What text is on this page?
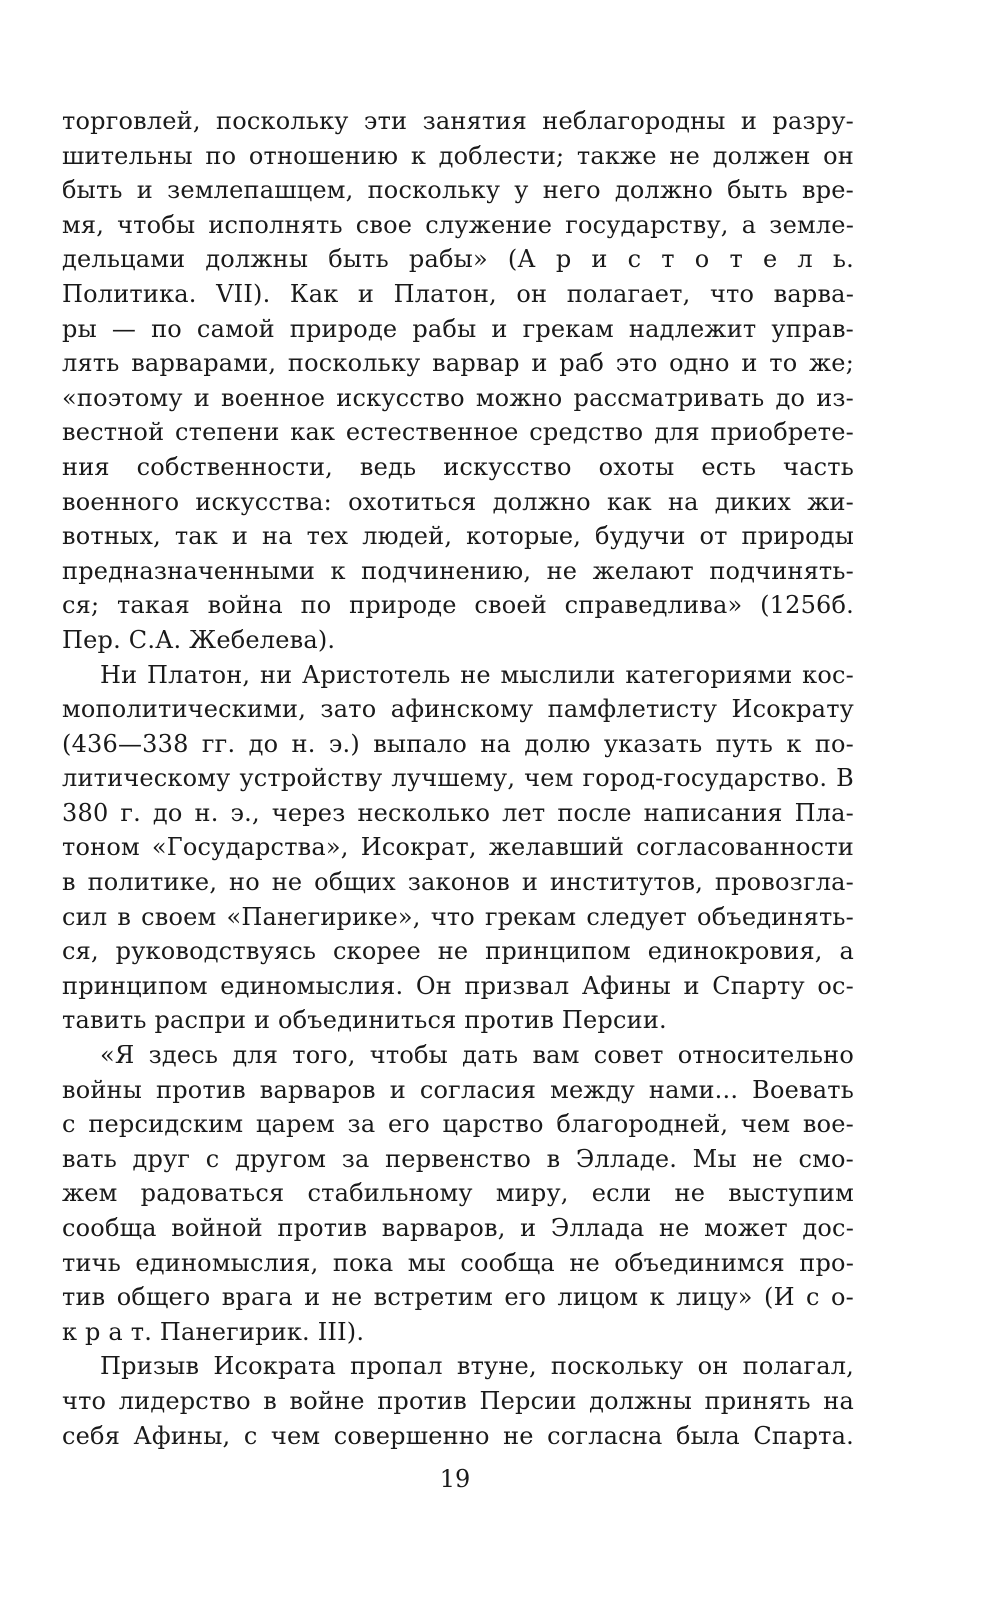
торговлей, поскольку эти занятия неблагородны и разру-
шительны по отношению к доблести; также не должен он
быть и землепашцем, поскольку у него должно быть вре-
мя, чтобы исполнять свое служение государству, а земле-
дельцами должны быть рабы» (А р и с т о т е л ь.
Политика. VII). Как и Платон, он полагает, что варва-
ры — по самой природе рабы и грекам надлежит управ-
лять варварами, поскольку варвар и раб это одно и то же;
«поэтому и военное искусство можно рассматривать до из-
вестной степени как естественное средство для приобрете-
ния собственности, ведь искусство охоты есть часть
военного искусства: охотиться должно как на диких жи-
вотных, так и на тех людей, которые, будучи от природы
предназначенными к подчинению, не желают подчинять-
ся; такая война по природе своей справедлива» (1256б.
Пер. С.А. Жебелева).
Ни Платон, ни Аристотель не мыслили категориями кос-
мополитическими, зато афинскому памфлетисту Исократу
(436—338 гг. до н. э.) выпало на долю указать путь к по-
литическому устройству лучшему, чем город-государство. В
380 г. до н. э., через несколько лет после написания Пла-
тоном «Государства», Исократ, желавший согласованности
в политике, но не общих законов и институтов, провозгла-
сил в своем «Панегирике», что грекам следует объединять-
ся, руководствуясь скорее не принципом единокровия, а
принципом единомыслия. Он призвал Афины и Спарту ос-
тавить распри и объединиться против Персии.
«Я здесь для того, чтобы дать вам совет относительно
войны против варваров и согласия между нами... Воевать
с персидским царем за его царство благородней, чем вое-
вать друг с другом за первенство в Элладе. Мы не смо-
жем радоваться стабильному миру, если не выступим
сообща войной против варваров, и Эллада не может дос-
тичь единомыслия, пока мы сообща не объединимся про-
тив общего врага и не встретим его лицом к лицу» (И с о-
к р а т. Панегирик. III).
Призыв Исократа пропал втуне, поскольку он полагал,
что лидерство в войне против Персии должны принять на
себя Афины, с чем совершенно не согласна была Спарта.
19
